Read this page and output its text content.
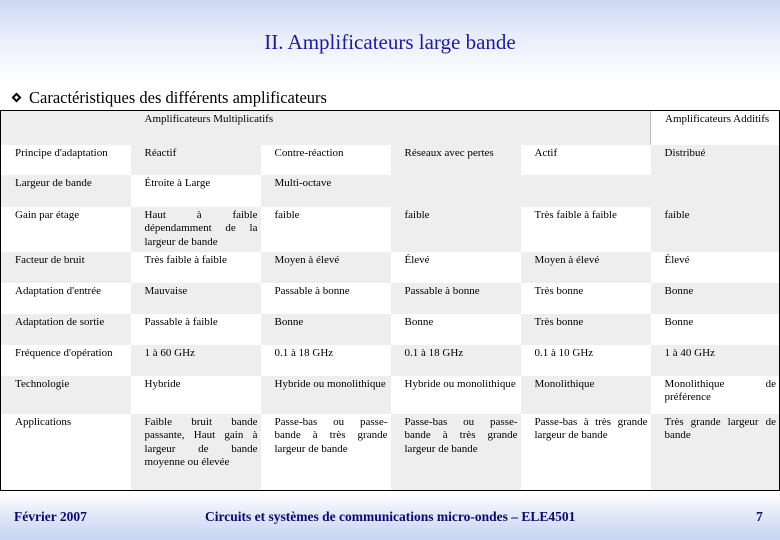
II. Amplificateurs large bande
Caractéristiques des différents amplificateurs
	Amplificateurs Multiplicatifs				Amplificateurs Additifs
Principe d'adaptation	Réactif	Contre-réaction	Réseaux avec pertes	Actif	Distribué
Largeur de bande	Étroite à Large	Multi-octave			
Gain par étage	Haut à faible dépendamment de la largeur de bande	faible	faible	Très faible à faible	faible
Facteur de bruit	Très faible à faible	Moyen à élevé	Élevé	Moyen à élevé	Élevé
Adaptation d'entrée	Mauvaise	Passable à bonne	Passable à bonne	Très bonne	Bonne
Adaptation de sortie	Passable à faible	Bonne	Bonne	Très bonne	Bonne
Fréquence d'opération	1 à 60 GHz	0.1 à 18 GHz	0.1 à 18 GHz	0.1 à 10 GHz	1 à 40 GHz
Technologie	Hybride	Hybride ou monolithique	Hybride ou monolithique	Monolithique	Monolithique de préférence
Applications	Faible bruit bande passante, Haut gain à largeur de bande moyenne ou élevée	Passe-bas ou passe-bande à très grande largeur de bande	Passe-bas ou passe-bande à très grande largeur de bande	Passe-bas à très grande largeur de bande	Très grande largeur de bande
Février 2007	Circuits et systèmes de communications micro-ondes – ELE4501	7
